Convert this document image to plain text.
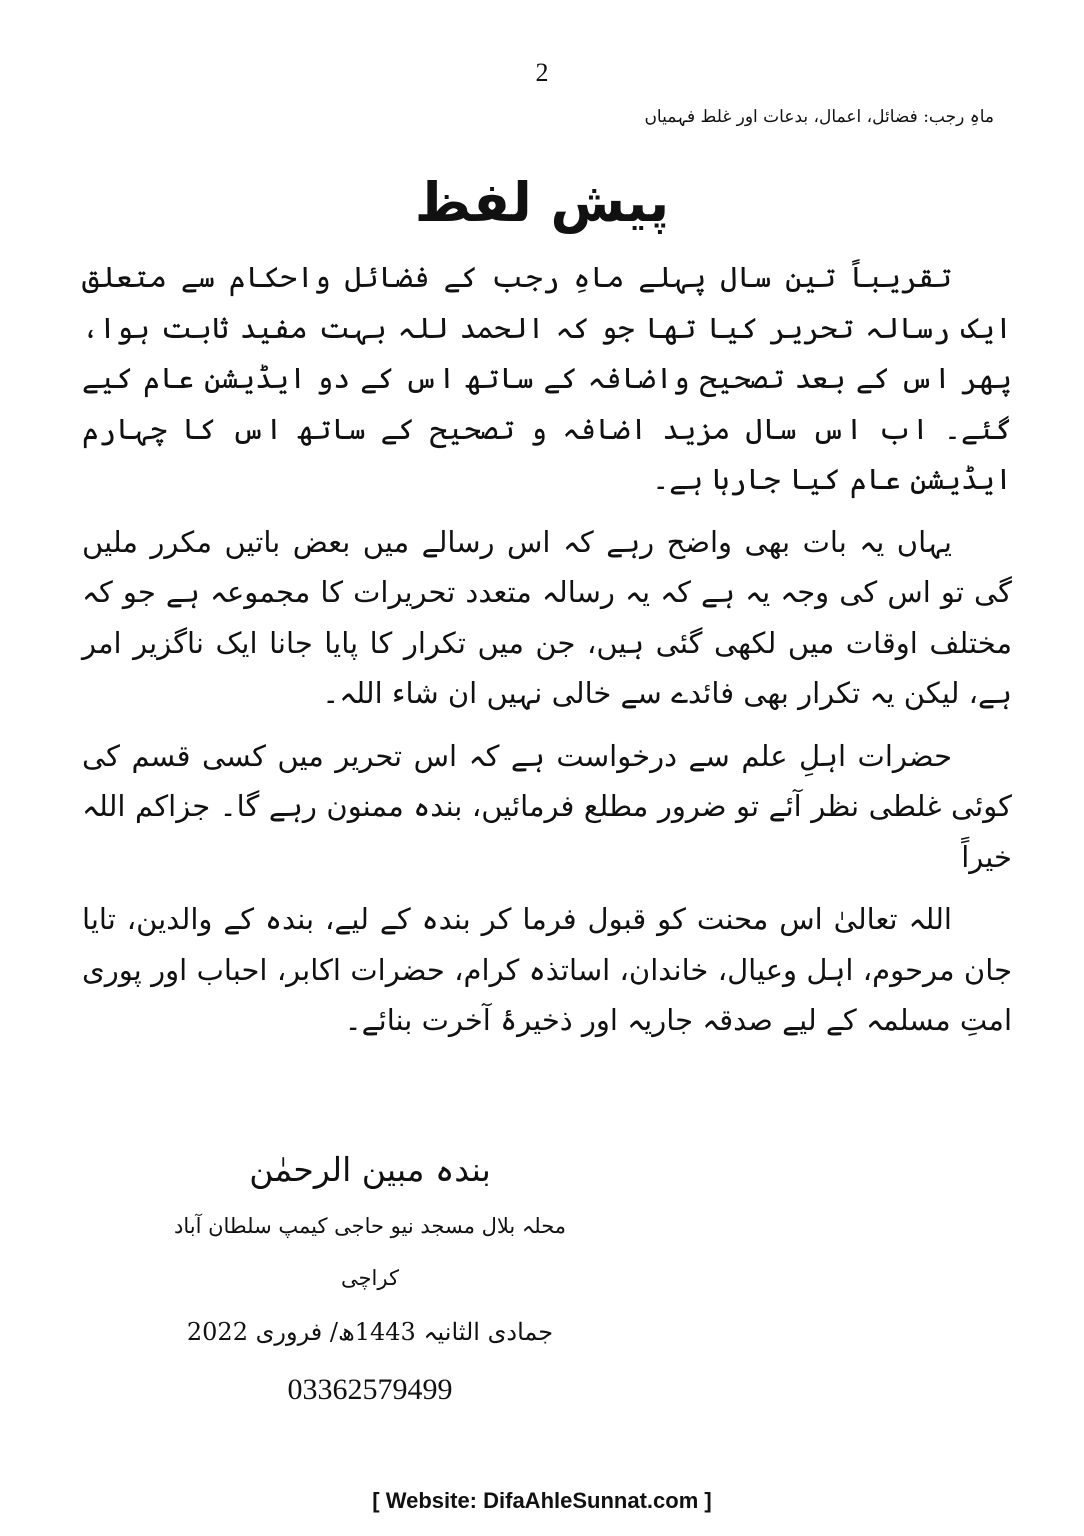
2
ماہِ رجب: فضائل، اعمال، بدعات اور غلط فہمیاں
پیش لفظ

تقریباً تین سال پہلے ماہِ رجب کے فضائل واحکام سے متعلق ایک رسالہ تحریر کیا تھا جو کہ الحمد للہ بہت مفید ثابت ہوا، پھر اس کے بعد تصحیح واضافہ کے ساتھ اس کے دو ایڈیشن عام کیے گئے۔ اب اس سال مزید اضافہ و تصحیح کے ساتھ اس کا چہارم ایڈیشن عام کیا جارہا ہے۔

یہاں یہ بات بھی واضح رہے کہ اس رسالے میں بعض باتیں مکرر ملیں گی تو اس کی وجہ یہ ہے کہ یہ رسالہ متعدد تحریرات کا مجموعہ ہے جو کہ مختلف اوقات میں لکھی گئی ہیں، جن میں تکرار کا پایا جانا ایک ناگزیر امر ہے، لیکن یہ تکرار بھی فائدے سے خالی نہیں ان شاء اللہ۔

حضرات اہلِ علم سے درخواست ہے کہ اس تحریر میں کسی قسم کی کوئی غلطی نظر آئے تو ضرور مطلع فرمائیں، بندہ ممنون رہے گا۔ جزاکم اللہ خیراً

اللہ تعالیٰ اس محنت کو قبول فرما کر بندہ کے لیے، بندہ کے والدین، تایا جان مرحوم، اہل وعیال، خاندان، اساتذہ کرام، حضرات اکابر، احباب اور پوری امتِ مسلمہ کے لیے صدقہ جاریہ اور ذخیرۂ آخرت بنائے۔

بندہ مبین الرحمٰن
محلہ بلال مسجد نیو حاجی کیمپ سلطان آباد کراچی
جمادی الثانیہ 1443ھ/ فروری 2022
03362579499
[ Website: DifaAhleSunnat.com ]
